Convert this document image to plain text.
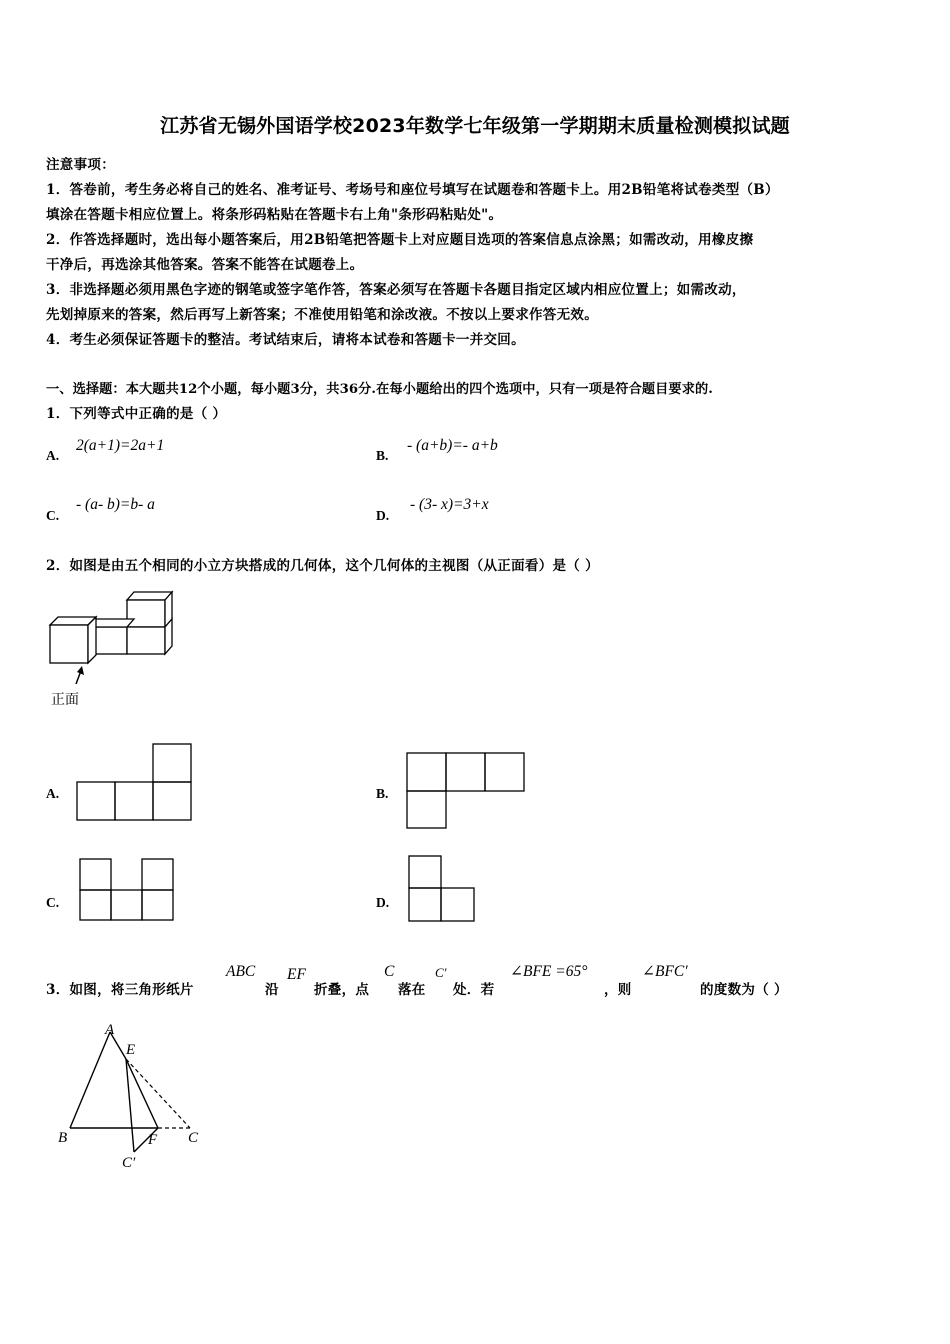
江苏省无锡外国语学校2023年数学七年级第一学期期末质量检测模拟试题
注意事项：
1．答卷前，考生务必将自己的姓名、准考证号、考场号和座位号填写在试题卷和答题卡上。用2B铅笔将试卷类型（B）
填涂在答题卡相应位置上。将条形码粘贴在答题卡右上角"条形码粘贴处"。
2．作答选择题时，选出每小题答案后，用2B铅笔把答题卡上对应题目选项的答案信息点涂黑；如需改动，用橡皮擦
干净后，再选涂其他答案。答案不能答在试题卷上。
3．非选择题必须用黑色字迹的钢笔或签字笔作答，答案必须写在答题卡各题目指定区域内相应位置上；如需改动，
先划掉原来的答案，然后再写上新答案；不准使用铅笔和涂改液。不按以上要求作答无效。
4．考生必须保证答题卡的整洁。考试结束后，请将本试卷和答题卡一并交回。
一、选择题：本大题共12个小题，每小题3分，共36分.在每小题给出的四个选项中，只有一项是符合题目要求的.
1．下列等式中正确的是（ ）
A.
2(a+1)=2a+1
B.
- (a+b)=- a+b
C.
- (a- b)=b- a
D.
- (3- x)=3+x
2．如图是由五个相同的小立方块搭成的几何体，这个几何体的主视图（从正面看）是（ ）
正面
A.	B.
C.	D.
3．如图，将三角形纸片
ABC
沿
EF
折叠，点
C
落在
C′
处．若
∠BFE =65°
，则
∠BFC′
的度数为（ ）
A
E
B	F C
C′
